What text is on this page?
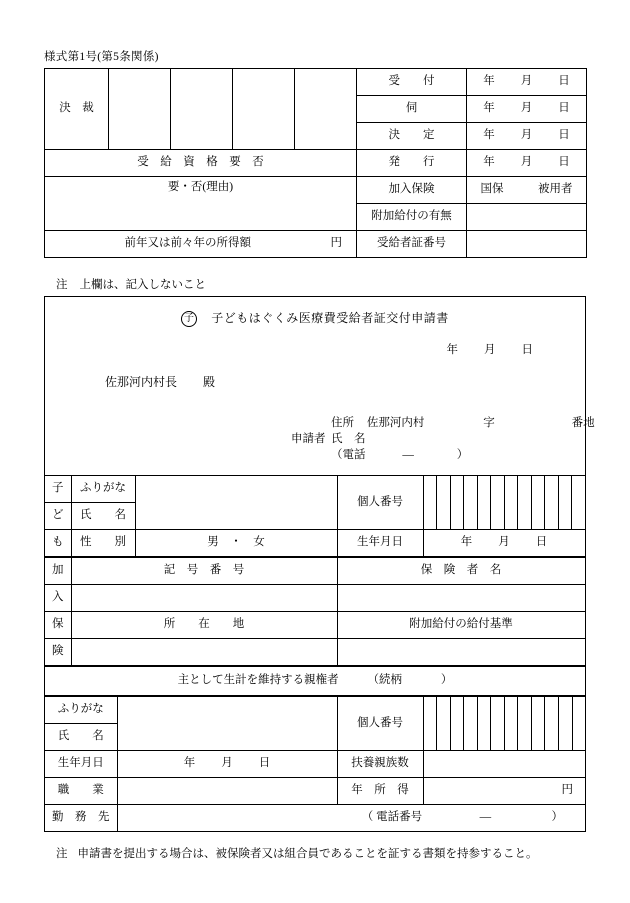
様式第1号(第5条関係)
決　裁					受　　付	年 月 日
					伺	年 月 日
					決　　定	年 月 日
受　給　資　格　要　否					発　　行	年 月 日
要・否(理由)					加入保険	国保　　　被用者
					附加給付の有無	
前年又は前々年の所得額 円					受給者証番号	
注 上欄は、記入しないこと
子 子どもはぐくみ医療費受給者証交付申請書
年 月 日
佐那河内村長 殿
申請者
住所 佐那河内村	字	番地
氏　名
（電話	—	）
子	ふりがな		個人番号	

ど	氏　　名			
も	性　　別	男　・　女	生年月日	年 月 日
加	記　号　番　号	保　険　者　名
入		
保	所　　在　　地	附加給付の給付基準
険		
主として生計を維持する親権者	（続柄	）
ふりがな		個人番号	

氏　　名			
生年月日	年 月 日	扶養親族数	
職　　業		年　所　得	円

勤　務　先	（ 電話番号　　　　　—　　　　　 ）		
注 申請書を提出する場合は、被保険者又は組合員であることを証する書類を持参すること。
